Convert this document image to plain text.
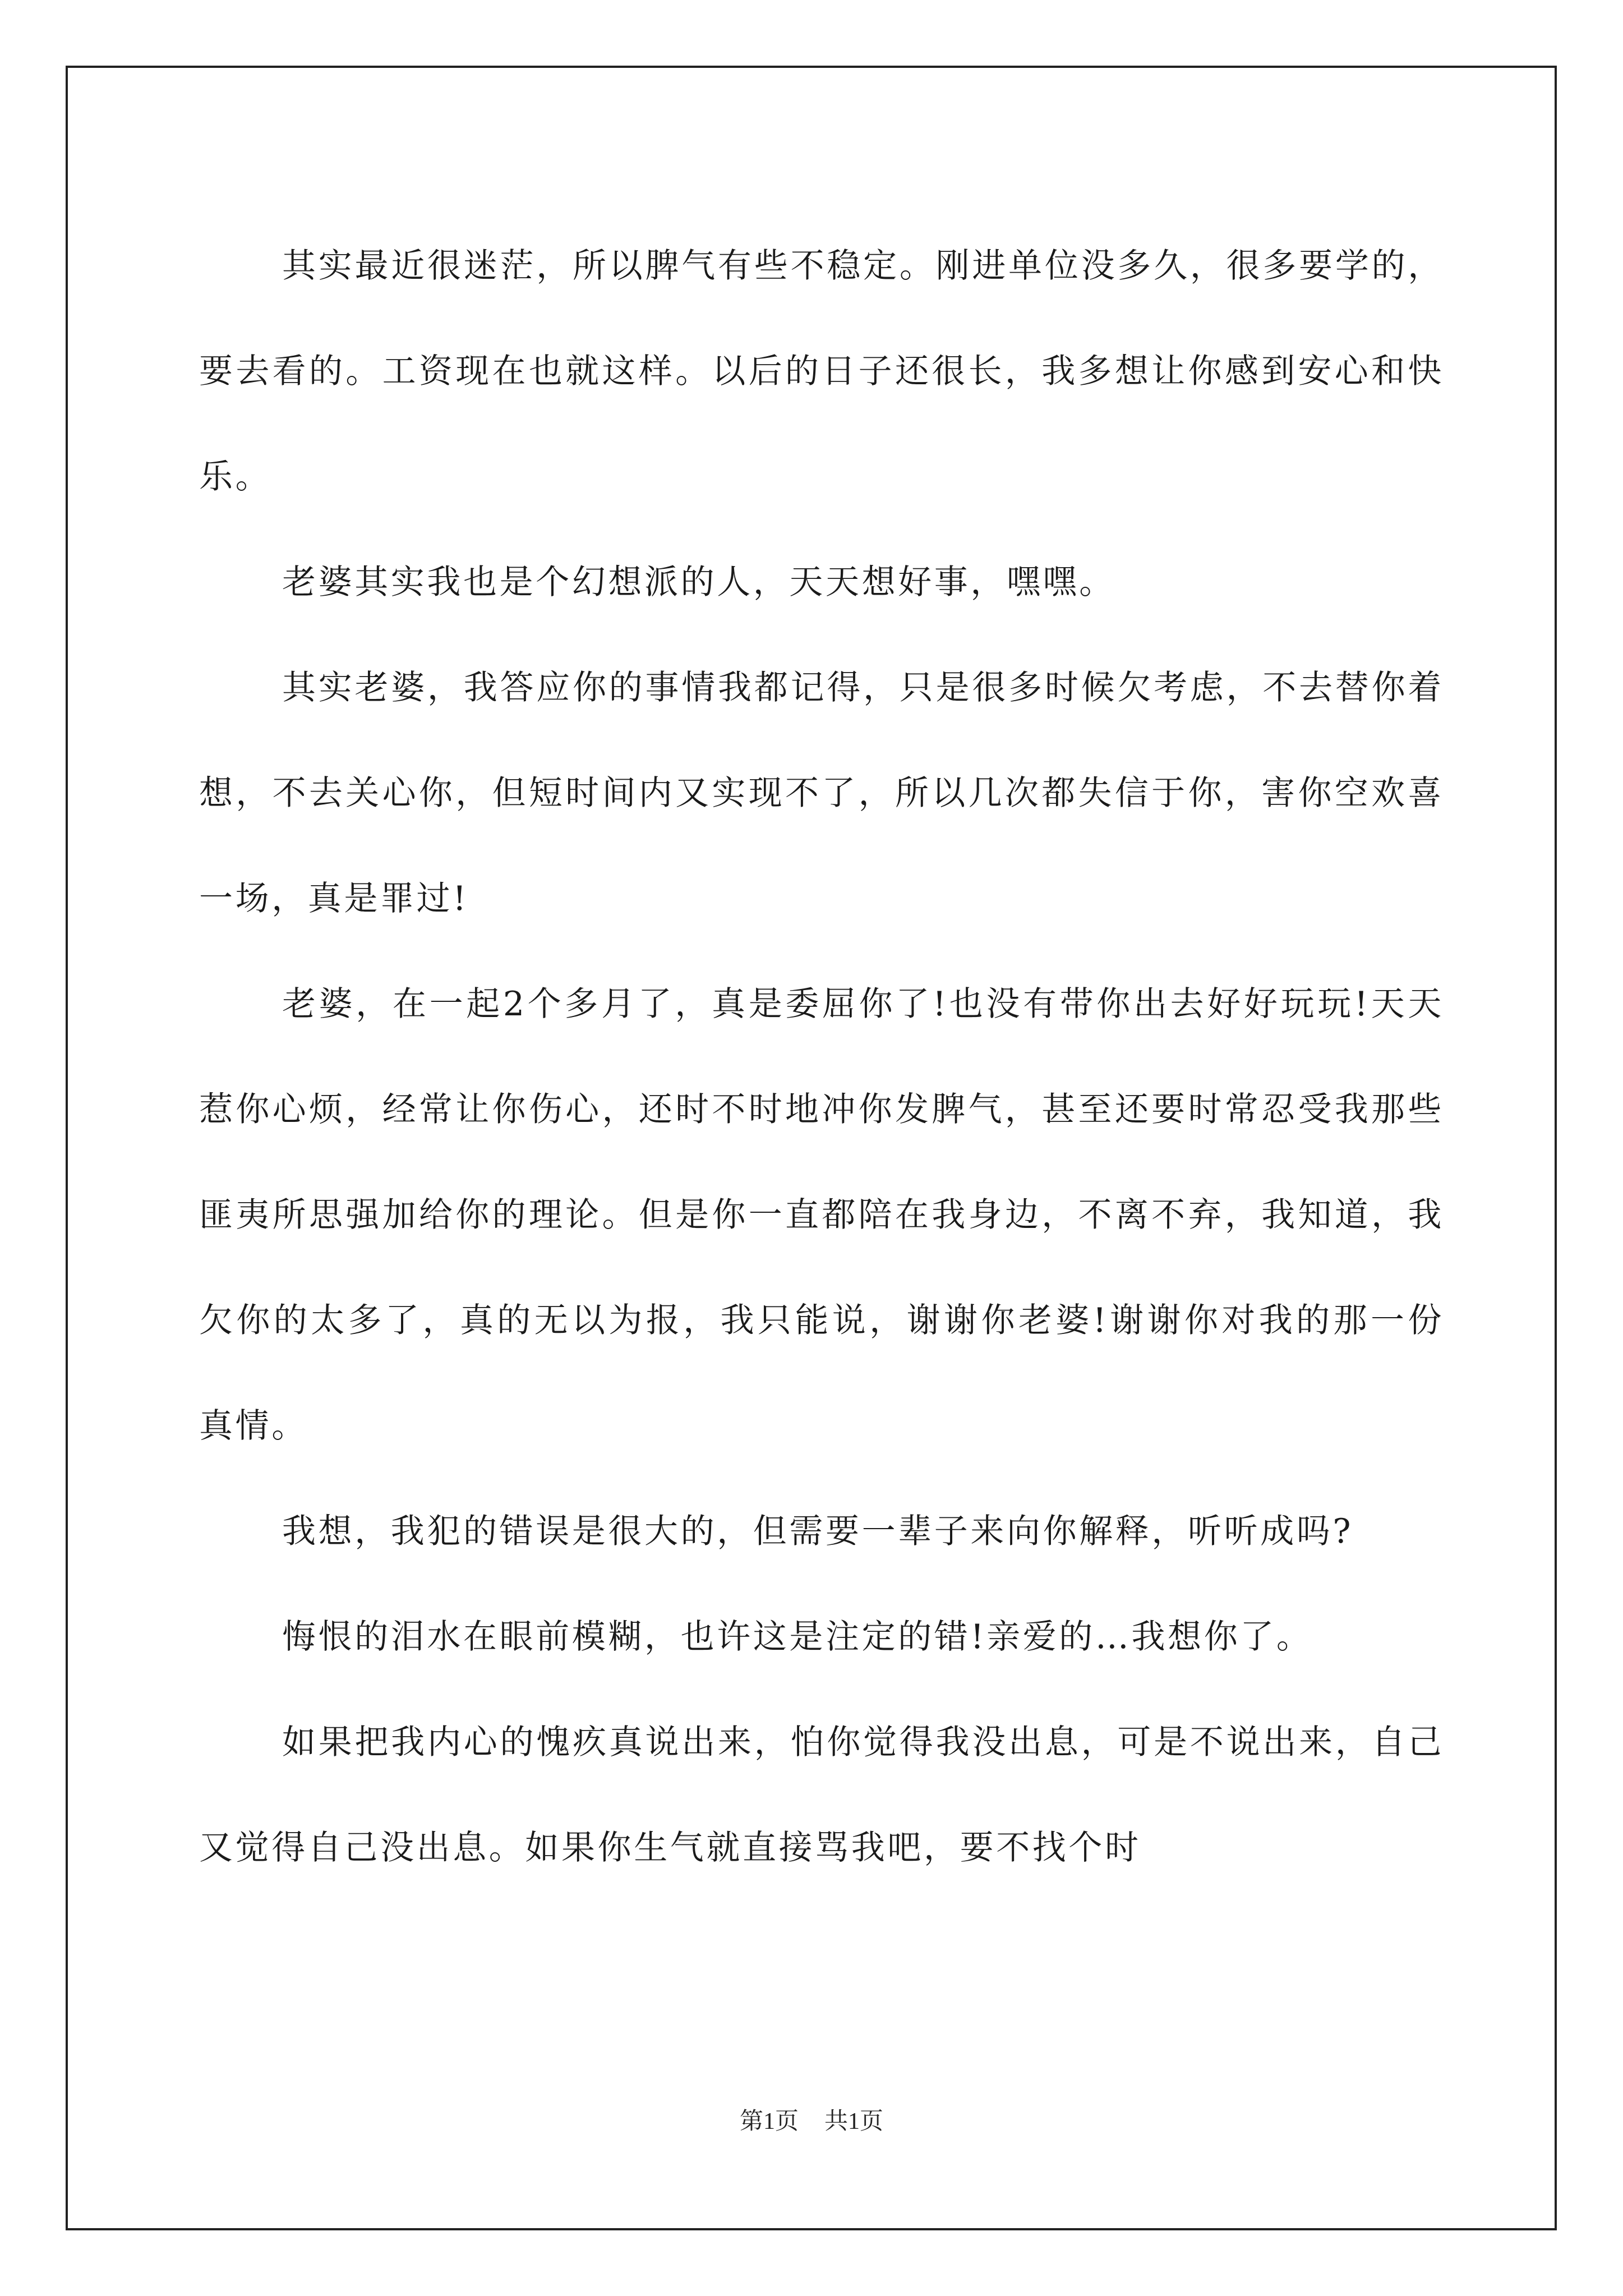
其实最近很迷茫，所以脾气有些不稳定。刚进单位没多久，很多要学的，要去看的。工资现在也就这样。以后的日子还很长，我多想让你感到安心和快乐。

老婆其实我也是个幻想派的人，天天想好事，嘿嘿。

其实老婆，我答应你的事情我都记得，只是很多时候欠考虑，不去替你着想，不去关心你，但短时间内又实现不了，所以几次都失信于你，害你空欢喜一场，真是罪过!

老婆，在一起2个多月了，真是委屈你了!也没有带你出去好好玩玩!天天惹你心烦，经常让你伤心，还时不时地冲你发脾气，甚至还要时常忍受我那些匪夷所思强加给你的理论。但是你一直都陪在我身边，不离不弃，我知道，我欠你的太多了，真的无以为报，我只能说，谢谢你老婆!谢谢你对我的那一份真情。

我想，我犯的错误是很大的，但需要一辈子来向你解释，听听成吗?

悔恨的泪水在眼前模糊，也许这是注定的错!亲爱的…我想你了。

如果把我内心的愧疚真说出来，怕你觉得我没出息，可是不说出来，自己又觉得自己没出息。如果你生气就直接骂我吧，要不找个时

第1页 共1页
